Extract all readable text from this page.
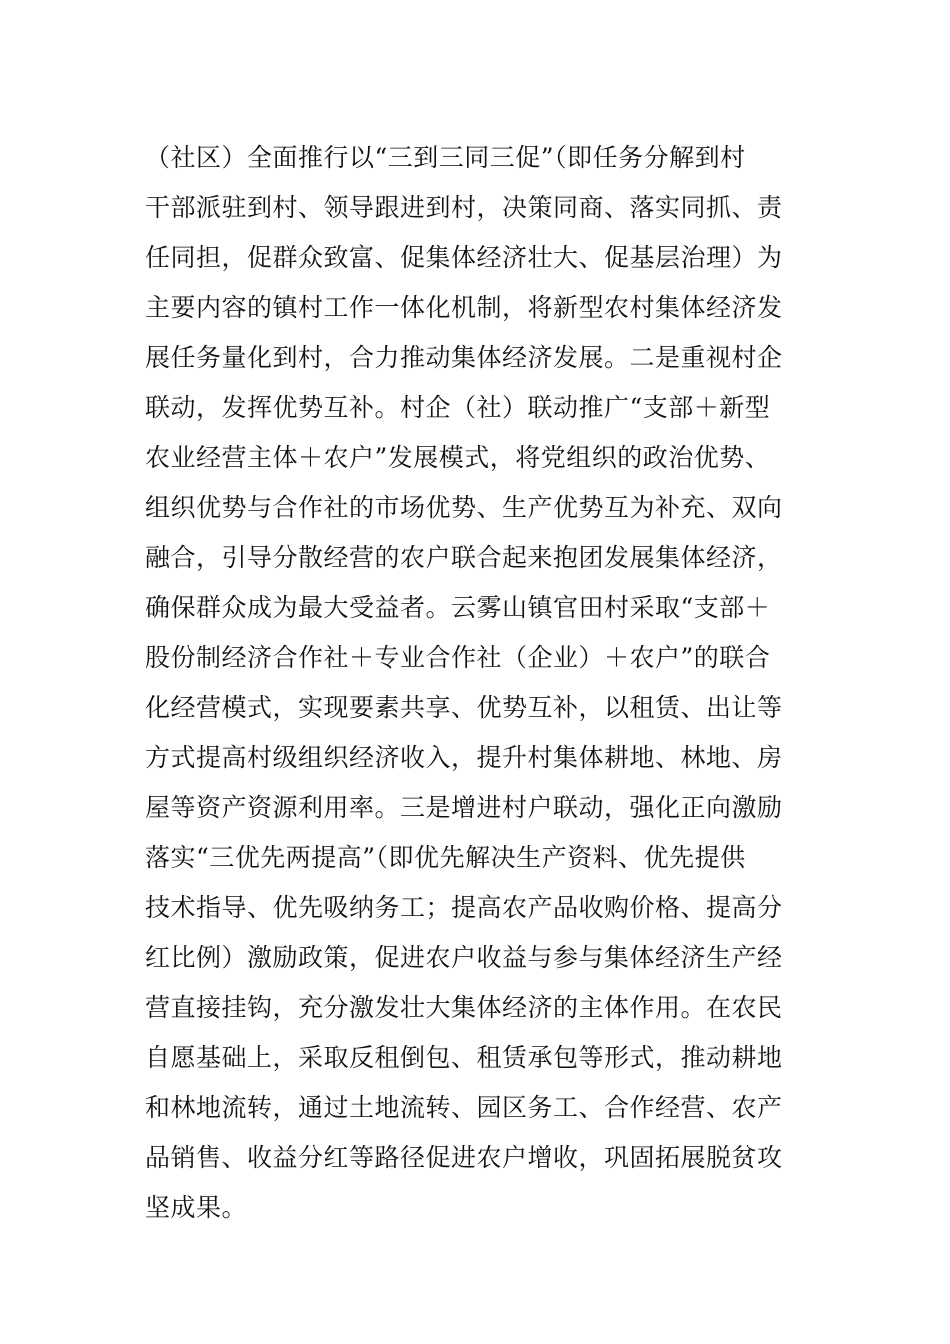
（社区）全面推行以“三到三同三促”（即任务分解到村
干部派驻到村、领导跟进到村，决策同商、落实同抓、责
任同担，促群众致富、促集体经济壮大、促基层治理）为
主要内容的镇村工作一体化机制，将新型农村集体经济发
展任务量化到村，合力推动集体经济发展。二是重视村企
联动，发挥优势互补。村企（社）联动推广“支部＋新型
农业经营主体＋农户”发展模式，将党组织的政治优势、
组织优势与合作社的市场优势、生产优势互为补充、双向
融合，引导分散经营的农户联合起来抱团发展集体经济，
确保群众成为最大受益者。云雾山镇官田村采取“支部＋
股份制经济合作社＋专业合作社（企业）＋农户”的联合
化经营模式，实现要素共享、优势互补，以租赁、出让等
方式提高村级组织经济收入，提升村集体耕地、林地、房
屋等资产资源利用率。三是增进村户联动，强化正向激励
落实“三优先两提高”（即优先解决生产资料、优先提供
技术指导、优先吸纳务工；提高农产品收购价格、提高分
红比例）激励政策，促进农户收益与参与集体经济生产经
营直接挂钩，充分激发壮大集体经济的主体作用。在农民
自愿基础上，采取反租倒包、租赁承包等形式，推动耕地
和林地流转，通过土地流转、园区务工、合作经营、农产
品销售、收益分红等路径促进农户增收，巩固拓展脱贫攻
坚成果。
